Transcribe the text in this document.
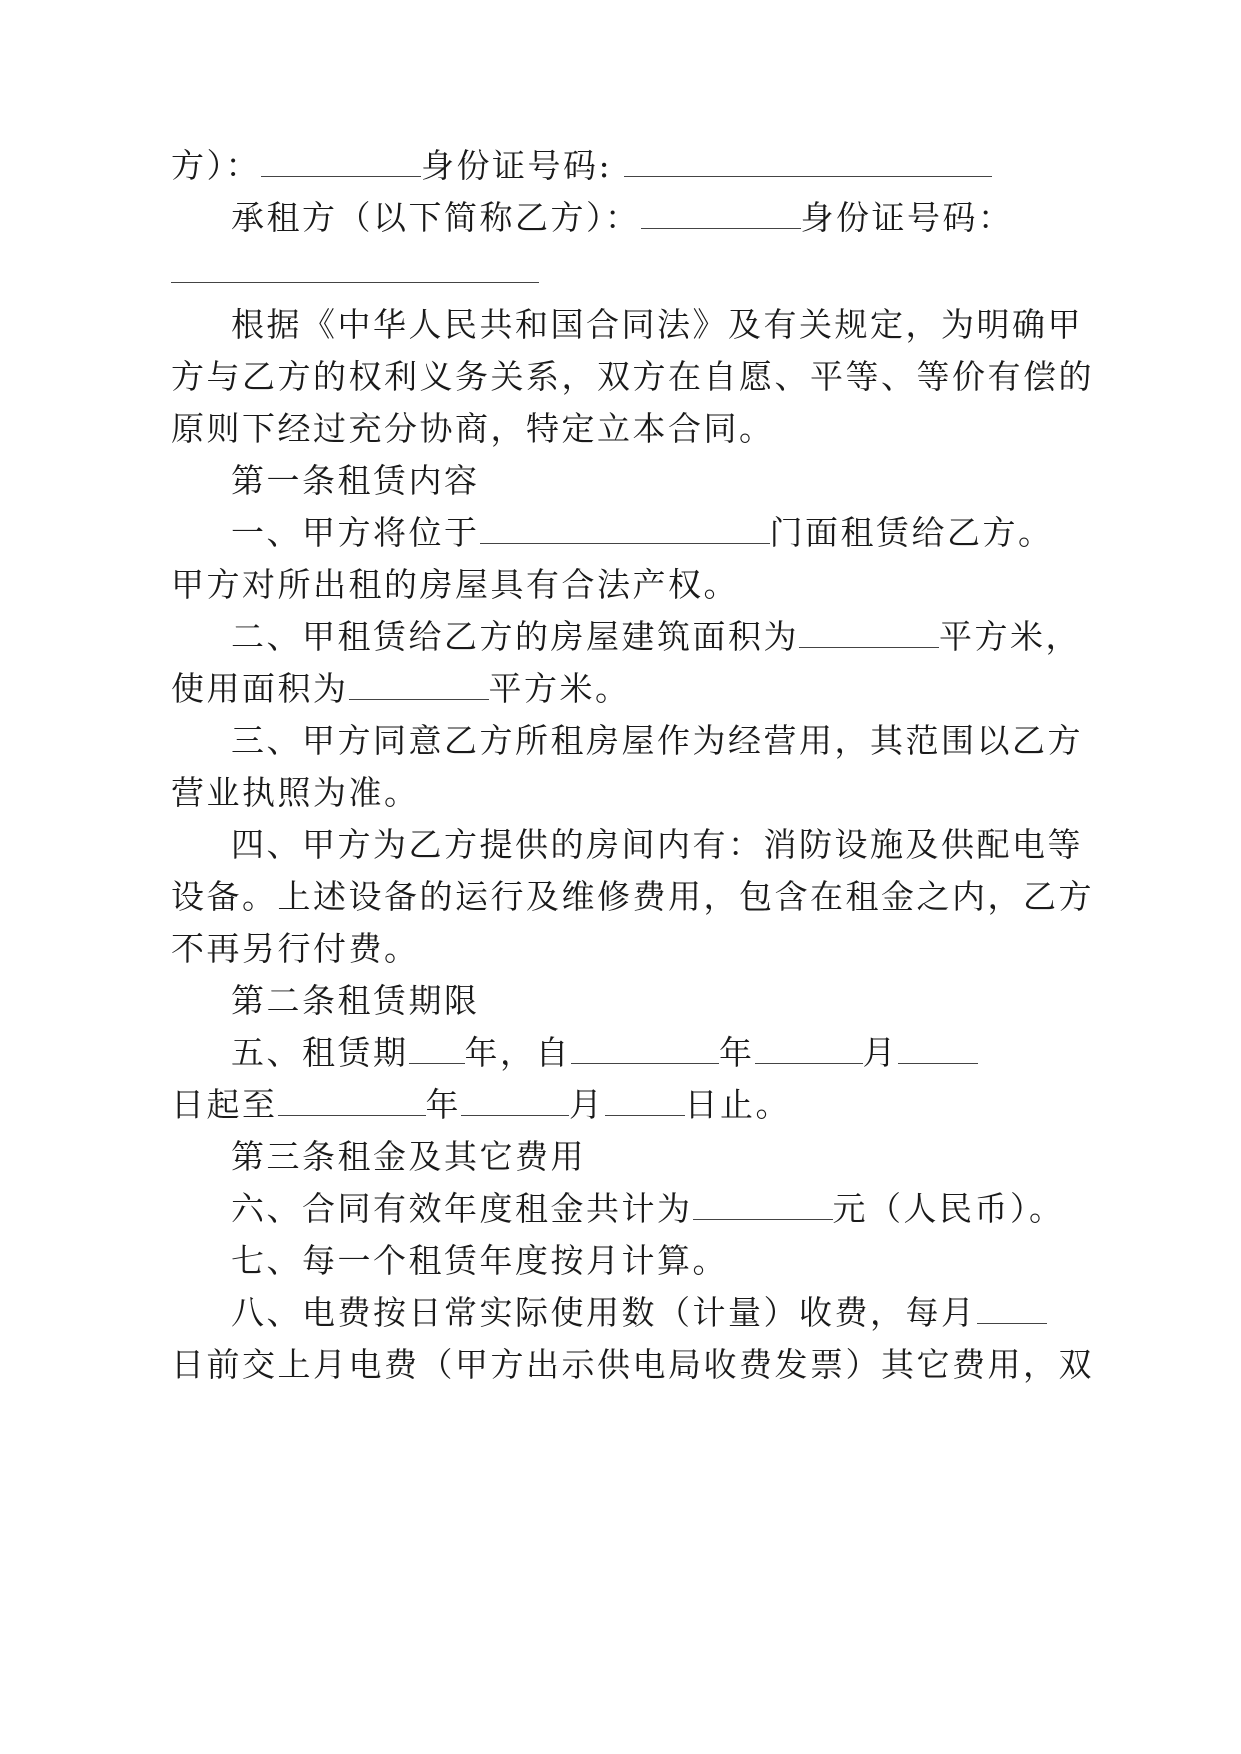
方）：	身份证号码:
承租方（以下简称乙方）：	身份证号码：
根据《中华人民共和国合同法》及有关规定，为明确甲
方与乙方的权利义务关系，双方在自愿、平等、等价有偿的
原则下经过充分协商，特定立本合同。
第一条租赁内容
一、甲方将位于	门面租赁给乙方。
甲方对所出租的房屋具有合法产权。
二、甲租赁给乙方的房屋建筑面积为	平方米，
使用面积为	平方米。
三、甲方同意乙方所租房屋作为经营用，其范围以乙方
营业执照为准。
四、甲方为乙方提供的房间内有：消防设施及供配电等
设备。上述设备的运行及维修费用，包含在租金之内，乙方
不再另行付费。
第二条租赁期限
五、租赁期 年，自	年	月
日起至	年	月 日止。
第三条租金及其它费用
六、合同有效年度租金共计为	元（人民币）。
七、每一个租赁年度按月计算。
八、电费按日常实际使用数（计量）收费，每月
日前交上月电费（甲方出示供电局收费发票）其它费用，双
